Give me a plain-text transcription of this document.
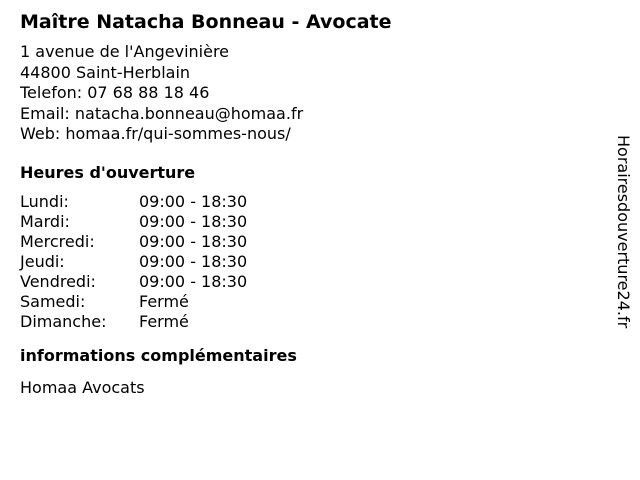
Maître Natacha Bonneau - Avocate
1 avenue de l'Angevinière
44800 Saint-Herblain
Telefon: 07 68 88 18 46
Email: natacha.bonneau@homaa.fr
Web: homaa.fr/qui-sommes-nous/
Heures d'ouverture
Lundi:	09:00 - 18:30
Mardi:	09:00 - 18:30
Mercredi:	09:00 - 18:30
Jeudi:	09:00 - 18:30
Vendredi:	09:00 - 18:30
Samedi:	Fermé
Dimanche:	Fermé
informations complémentaires
Homaa Avocats
Horairesdouverture24.fr
